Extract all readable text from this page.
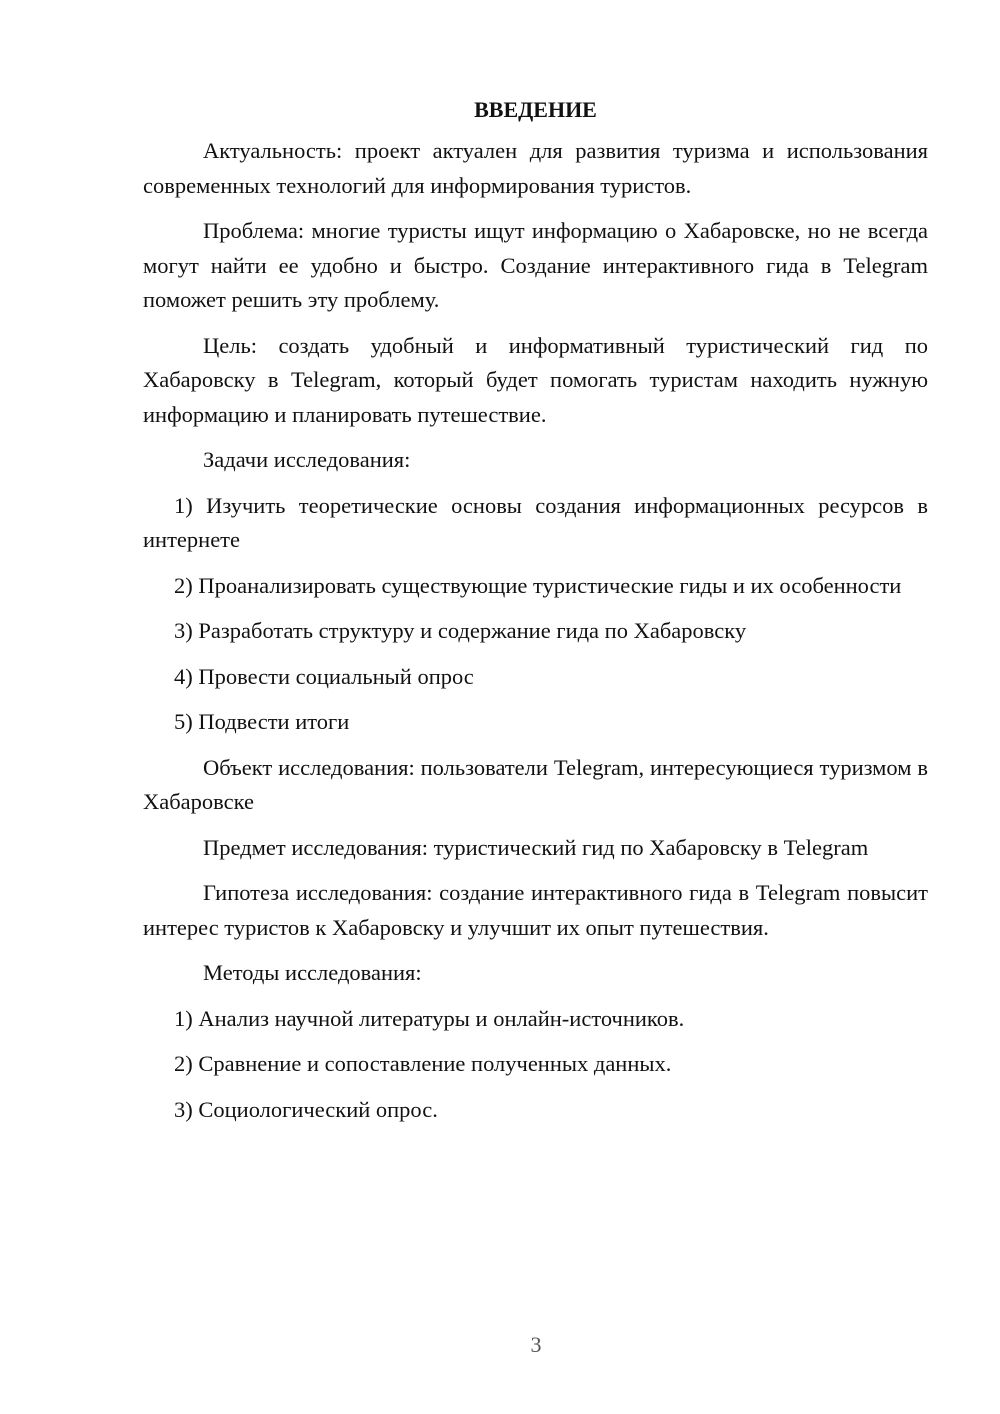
ВВЕДЕНИЕ

Актуальность: проект актуален для развития туризма и использования современных технологий для информирования туристов.

Проблема: многие туристы ищут информацию о Хабаровске, но не всегда могут найти ее удобно и быстро. Создание интерактивного гида в Telegram поможет решить эту проблему.

Цель: создать удобный и информативный туристический гид по Хабаровску в Telegram, который будет помогать туристам находить нужную информацию и планировать путешествие.

Задачи исследования:

1) Изучить теоретические основы создания информационных ресурсов в интернете

2) Проанализировать существующие туристические гиды и их особенности

3) Разработать структуру и содержание гида по Хабаровску

4) Провести социальный опрос

5) Подвести итоги

Объект исследования: пользователи Telegram, интересующиеся туризмом в Хабаровске

Предмет исследования: туристический гид по Хабаровску в Telegram

Гипотеза исследования: создание интерактивного гида в Telegram повысит интерес туристов к Хабаровску и улучшит их опыт путешествия.

Методы исследования:

1) Анализ научной литературы и онлайн-источников.

2) Сравнение и сопоставление полученных данных.

3) Социологический опрос.

3
